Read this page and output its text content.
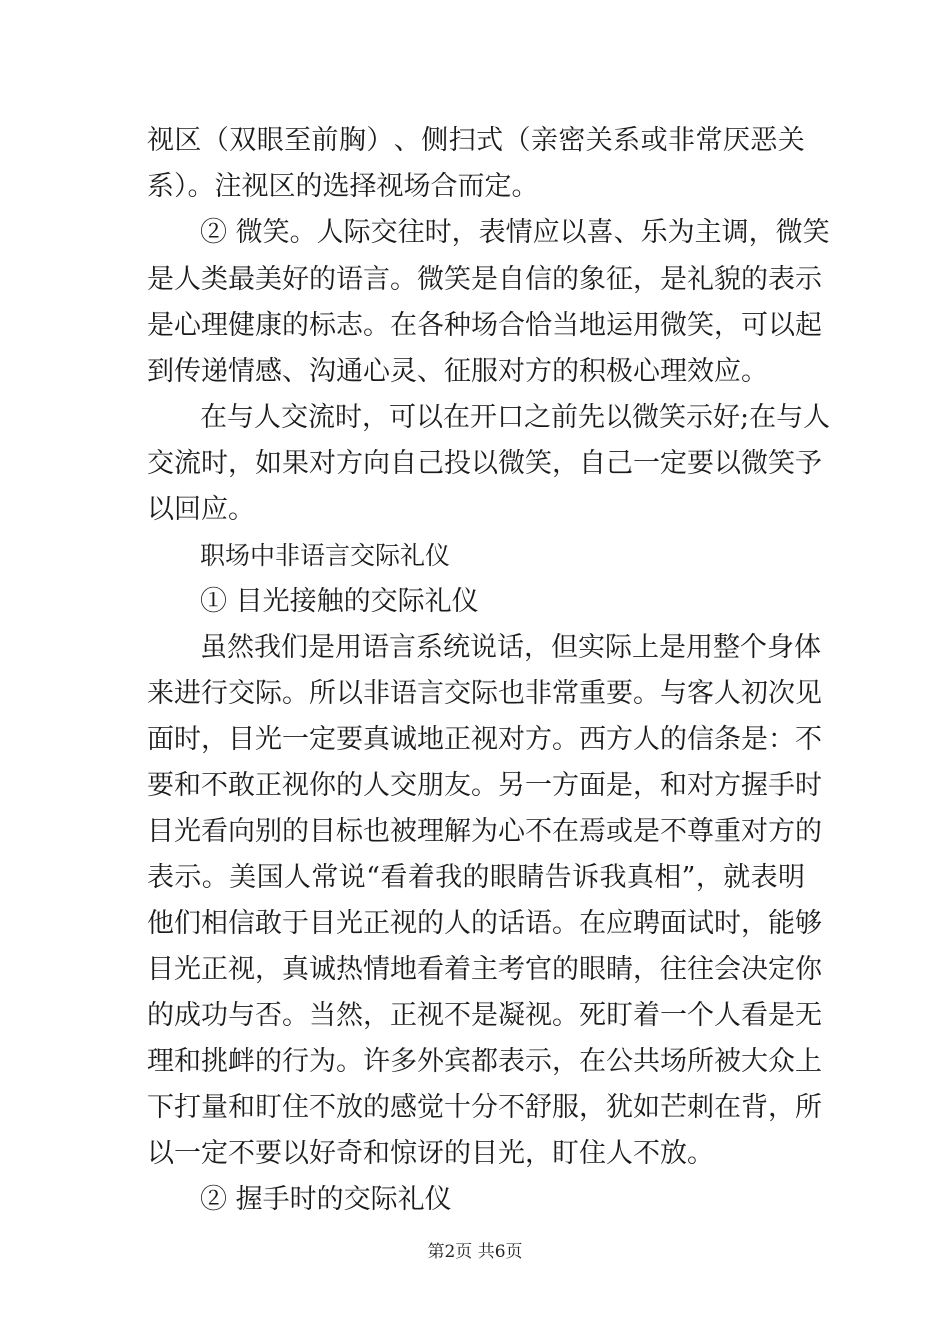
视 区 （ 双 眼 至 前 胸 ） 、 侧 扫 式 （ 亲 密 关 系 或 非 常 厌 恶 关
系）。注视区的选择视场合而定。
② 微笑。人际交往时，表情应以喜、乐为主调，微笑
是 人 类 最 美 好 的 语 言 。 微 笑 是 自 信 的 象 征 ， 是 礼 貌 的 表 示
是 心 理 健 康 的 标 志 。 在 各 种 场 合 恰 当 地 运 用 微 笑 ， 可 以 起
到传递情感、沟通心灵、征服对方的积极心理效应。
在与人交流时，可以在开口之前先以微笑示好;在与人
交 流 时 ， 如 果 对 方 向 自 己 投 以 微 笑 ， 自 己 一 定 要 以 微 笑 予
以回应。
职场中非语言交际礼仪
① 目光接触的交际礼仪
虽然我们是用语言系统说话，但实际上是用整个身体
来 进 行 交 际 。 所 以 非 语 言 交 际 也 非 常 重 要 。 与 客 人 初 次 见
面 时 ， 目 光 一 定 要 真 诚 地 正 视 对 方 。 西 方 人 的 信 条 是 ： 不
要 和 不 敢 正 视 你 的 人 交 朋 友 。 另 一 方 面 是 ， 和 对 方 握 手 时
目 光 看 向 别 的 目 标 也 被 理 解 为 心 不 在 焉 或 是 不 尊 重 对 方 的
表 示 。 美 国 人 常 说 “ 看 着 我 的 眼 睛 告 诉 我 真 相 ” ， 就 表 明
他 们 相 信 敢 于 目 光 正 视 的 人 的 话 语 。 在 应 聘 面 试 时 ， 能 够
目 光 正 视 ， 真 诚 热 情 地 看 着 主 考 官 的 眼 睛 ， 往 往 会 决 定 你
的 成 功 与 否 。 当 然 ， 正 视 不 是 凝 视 。 死 盯 着 一 个 人 看 是 无
理 和 挑 衅 的 行 为 。 许 多 外 宾 都 表 示 ， 在 公 共 场 所 被 大 众 上
下 打 量 和 盯 住 不 放 的 感 觉 十 分 不 舒 服 ， 犹 如 芒 刺 在 背 ， 所
以一定不要以好奇和惊讶的目光，盯住人不放。
② 握手时的交际礼仪
第2页 共6页
